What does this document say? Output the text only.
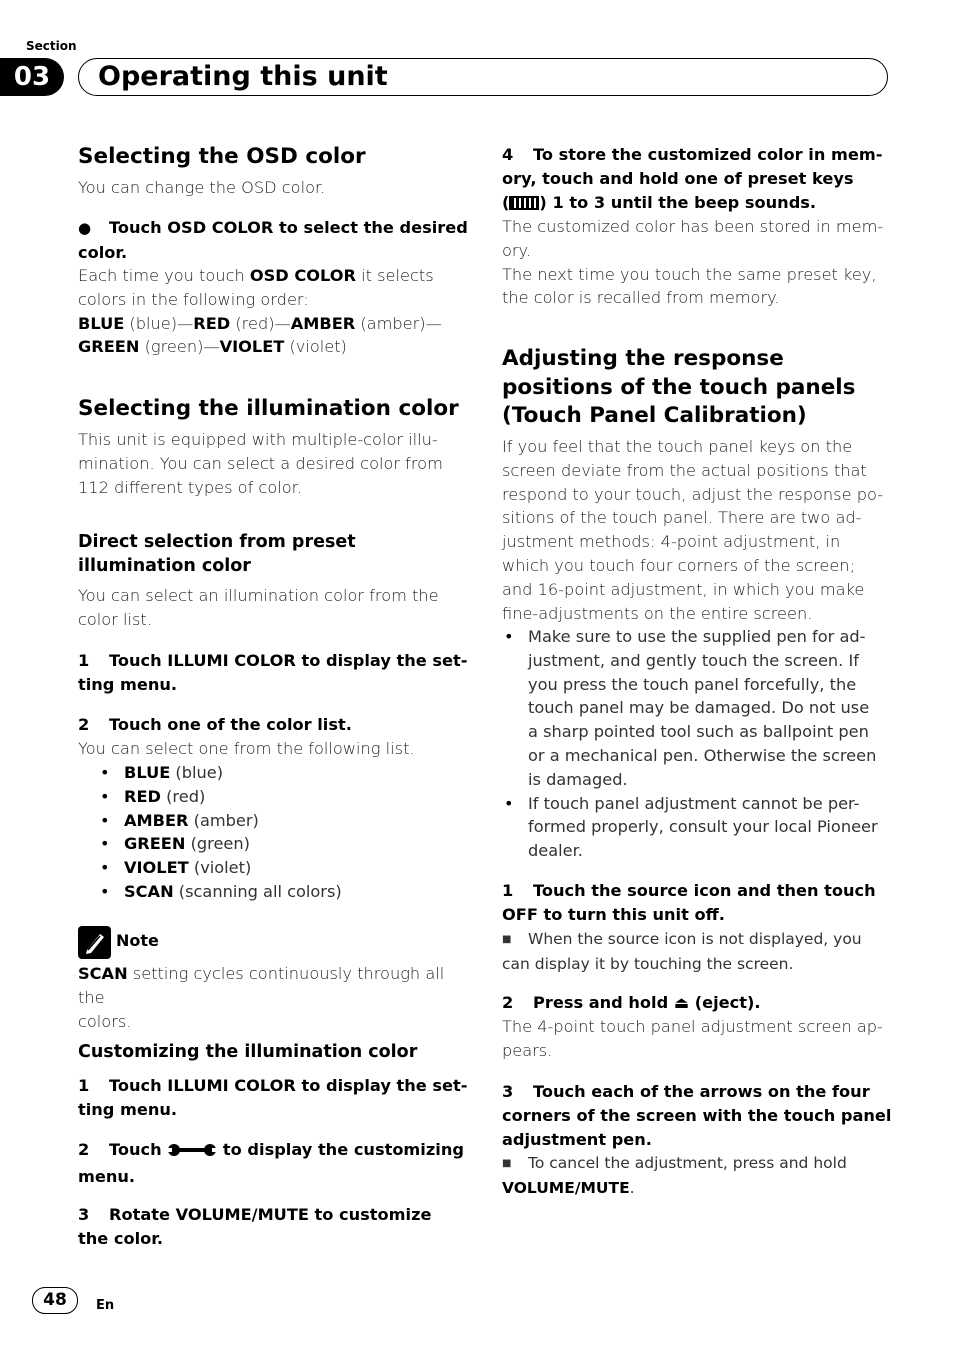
Section
03	Operating this unit
Selecting the OSD color

You can change the OSD color.

● Touch OSD COLOR to select the desired
color.

Each time you touch OSD COLOR it selects
colors in the following order:
BLUE (blue)—RED (red)—AMBER (amber)—
GREEN (green)—VIOLET (violet)

Selecting the illumination color

This unit is equipped with multiple-color illu-
mination. You can select a desired color from
112 different types of color.

Direct selection from preset
illumination color

You can select an illumination color from the
color list.

1 Touch ILLUMI COLOR to display the set-
ting menu.
2 Touch one of the color list.

You can select one from the following list.

• BLUE (blue)
• RED (red)
• AMBER (amber)
• GREEN (green)
• VIOLET (violet)
• SCAN (scanning all colors)
Note

SCAN setting cycles continuously through all the
colors.

Customizing the illumination color
1 Touch ILLUMI COLOR to display the set-
ting menu.
2 Touch	to display the customizing
menu.
3 Rotate VOLUME/MUTE to customize
the color.
4 To store the customized color in mem-
ory, touch and hold one of preset keys
( ) 1 to 3 until the beep sounds.

The customized color has been stored in mem-
ory.
The next time you touch the same preset key,
the color is recalled from memory.

Adjusting the response
positions of the touch panels
(Touch Panel Calibration)

If you feel that the touch panel keys on the
screen deviate from the actual positions that
respond to your touch, adjust the response po-
sitions of the touch panel. There are two ad-
justment methods: 4-point adjustment, in
which you touch four corners of the screen;
and 16-point adjustment, in which you make
fine-adjustments on the entire screen.

• Make sure to use the supplied pen for ad-
justment, and gently touch the screen. If
you press the touch panel forcefully, the
touch panel may be damaged. Do not use
a sharp pointed tool such as ballpoint pen
or a mechanical pen. Otherwise the screen
is damaged.
• If touch panel adjustment cannot be per-
formed properly, consult your local Pioneer
dealer.
1 Touch the source icon and then touch
OFF to turn this unit off.

■ When the source icon is not displayed, you
can display it by touching the screen.

2 Press and hold ⏏ (eject).

The 4-point touch panel adjustment screen ap-
pears.

3 Touch each of the arrows on the four
corners of the screen with the touch panel
adjustment pen.

■ To cancel the adjustment, press and hold
VOLUME/MUTE.

48	En
